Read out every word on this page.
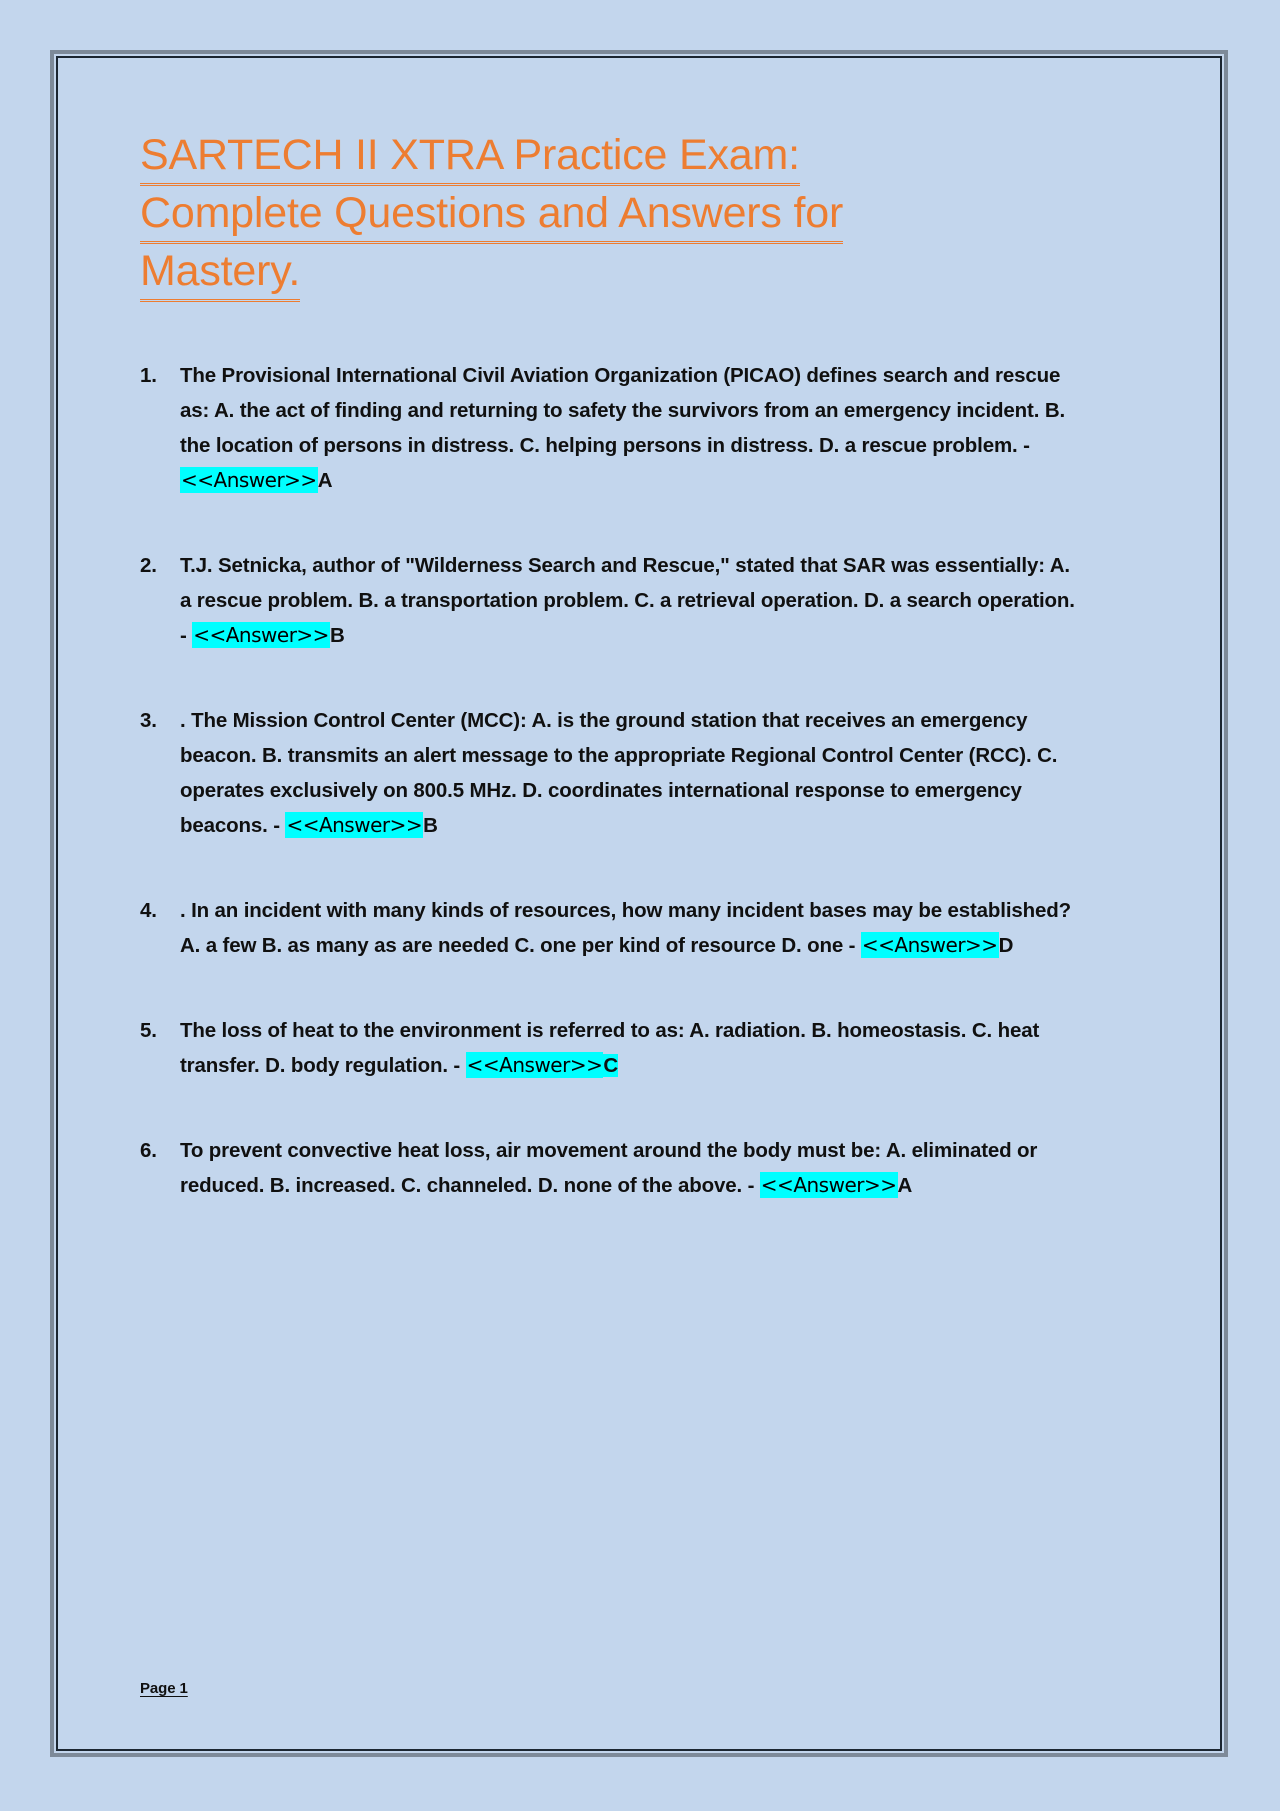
SARTECH II XTRA Practice Exam:
Complete Questions and Answers for
Mastery.
The Provisional International Civil Aviation Organization (PICAO) defines search and rescue as: A. the act of finding and returning to safety the survivors from an emergency incident. B. the location of persons in distress. C. helping persons in distress. D. a rescue problem. - <<Answer>>A
T.J. Setnicka, author of "Wilderness Search and Rescue," stated that SAR was essentially: A. a rescue problem. B. a transportation problem. C. a retrieval operation. D. a search operation. - <<Answer>>B
. The Mission Control Center (MCC): A. is the ground station that receives an emergency beacon. B. transmits an alert message to the appropriate Regional Control Center (RCC). C. operates exclusively on 800.5 MHz. D. coordinates international response to emergency beacons. - <<Answer>>B
. In an incident with many kinds of resources, how many incident bases may be established? A. a few B. as many as are needed C. one per kind of resource D. one - <<Answer>>D
The loss of heat to the environment is referred to as: A. radiation. B. homeostasis. C. heat transfer. D. body regulation. - <<Answer>>C
To prevent convective heat loss, air movement around the body must be: A. eliminated or reduced. B. increased. C. channeled. D. none of the above. - <<Answer>>A
Page 1
